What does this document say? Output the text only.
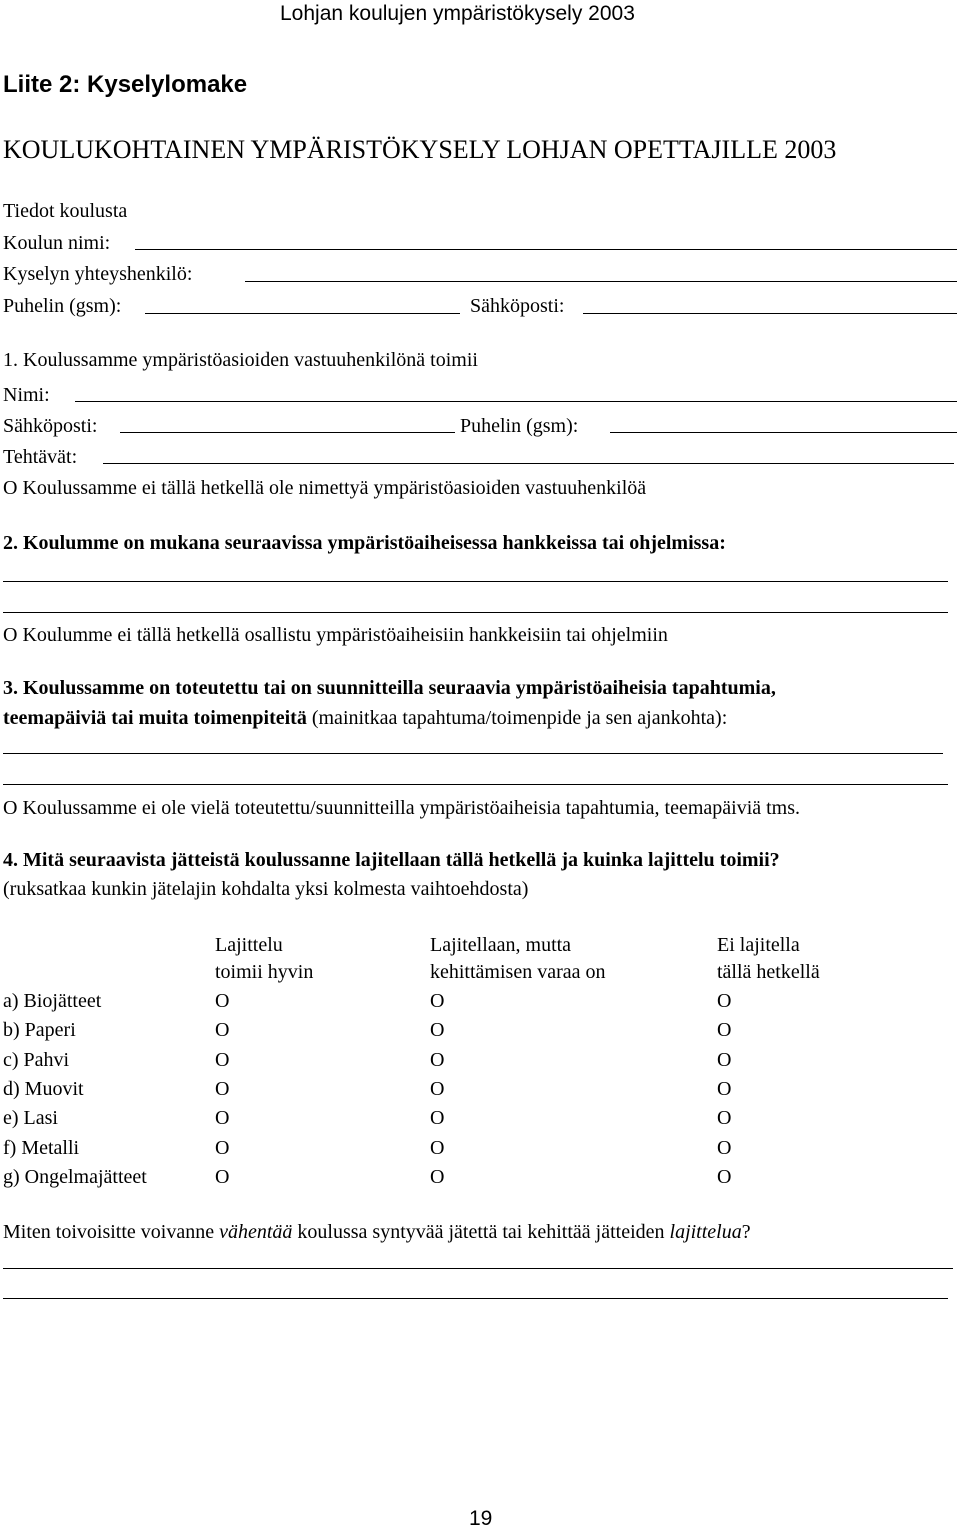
Lohjan koulujen ympäristökysely 2003
Liite 2: Kyselylomake
KOULUKOHTAINEN YMPÄRISTÖKYSELY LOHJAN OPETTAJILLE 2003
Tiedot koulusta
Koulun nimi:
Kyselyn yhteyshenkilö:
Puhelin (gsm):	Sähköposti:
1. Koulussamme ympäristöasioiden vastuuhenkilönä toimii
Nimi:
Sähköposti:	Puhelin (gsm):
Tehtävät:
O Koulussamme ei tällä hetkellä ole nimettyä ympäristöasioiden vastuuhenkilöä
2. Koulumme on mukana seuraavissa ympäristöaiheisessa hankkeissa tai ohjelmissa:
O Koulumme ei tällä hetkellä osallistu ympäristöaiheisiin hankkeisiin tai ohjelmiin
3. Koulussamme on toteutettu tai on suunnitteilla seuraavia ympäristöaiheisia tapahtumia,
teemapäiviä tai muita toimenpiteitä (mainitkaa tapahtuma/toimenpide ja sen ajankohta):
O Koulussamme ei ole vielä toteutettu/suunnitteilla ympäristöaiheisia tapahtumia, teemapäiviä tms.
4. Mitä seuraavista jätteistä koulussanne lajitellaan tällä hetkellä ja kuinka lajittelu toimii?
(ruksatkaa kunkin jätelajin kohdalta yksi kolmesta vaihtoehdosta)
Lajittelu
toimii hyvin
Lajitellaan, mutta
kehittämisen varaa on
Ei lajitella
tällä hetkellä
a) Biojätteet	O	O	O
b) Paperi	O	O	O
c) Pahvi	O	O	O
d) Muovit	O	O	O
e) Lasi	O	O	O
f) Metalli	O	O	O
g) Ongelmajätteet	O	O	O
Miten toivoisitte voivanne vähentää koulussa syntyvää jätettä tai kehittää jätteiden lajittelua?
19
